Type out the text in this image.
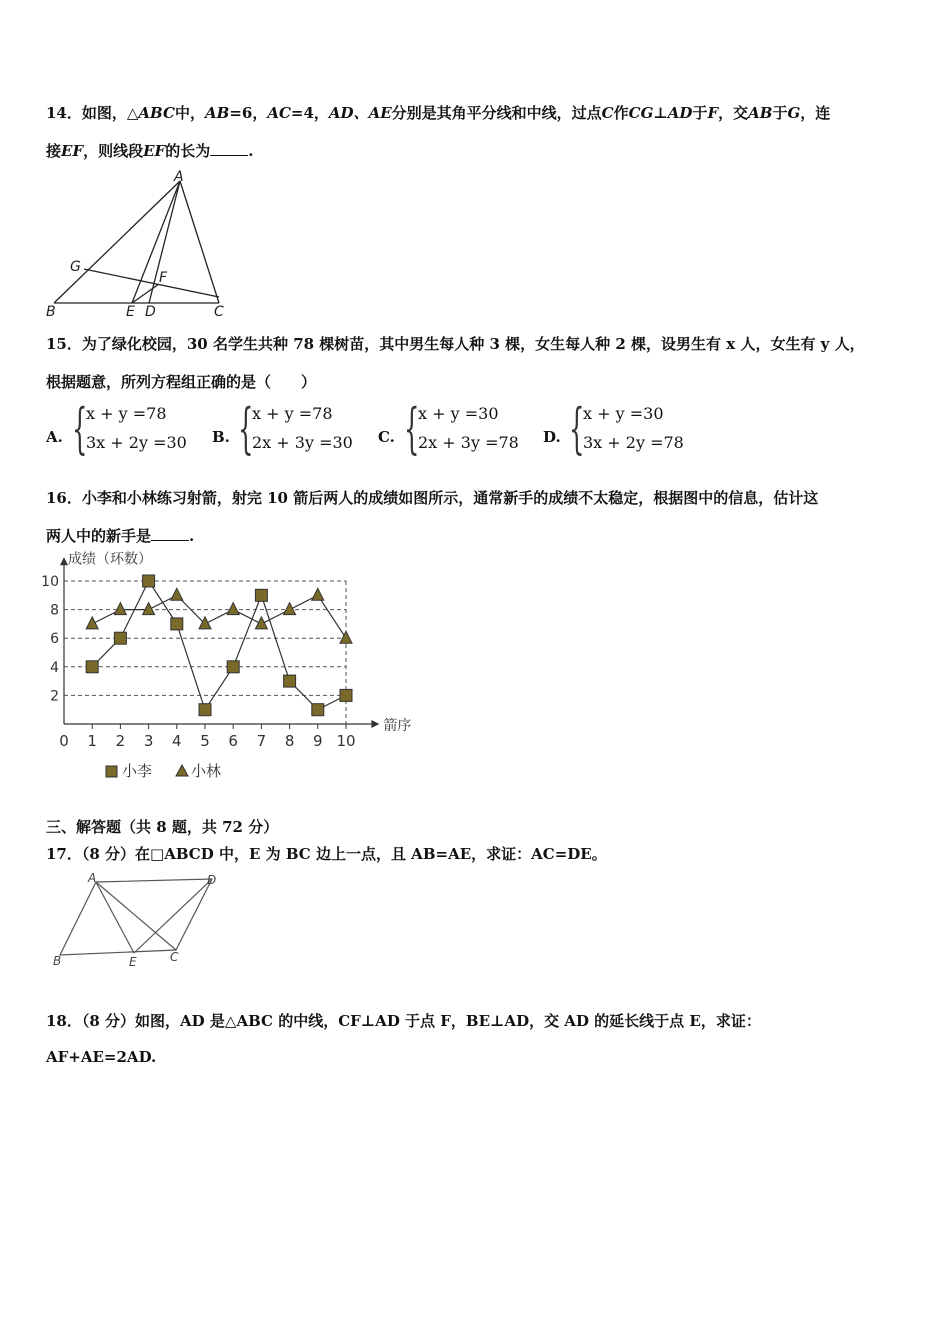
14．如图，△ABC中，AB=6，AC=4，AD、AE分别是其角平分线和中线，过点C作CG⊥AD于F，交AB于G，连
接EF，则线段EF的长为	.
A
G
F
B	E D	C
15．为了绿化校园，30 名学生共种 78 棵树苗，其中男生每人种 3 棵，女生每人种 2 棵，设男生有 x 人，女生有 y 人，
根据题意，所列方程组正确的是（　　）
A. {
x + y =78
3x + 2y =30 B. {
x + y =78
2x + 3y =30 C. {
x + y =30
2x + 3y =78 D. {
x + y =30
3x + 2y =78
16．小李和小林练习射箭，射完 10 箭后两人的成绩如图所示，通常新手的成绩不太稳定，根据图中的信息，估计这
两人中的新手是	.
0 1 2 3 4 5 6 7 8 9 10
2
4
6
8
10
成绩（环数）
箭序
小李	小林
三、解答题（共 8 题，共 72 分）
17．（8 分）在□ABCD 中，E 为 BC 边上一点，且 AB=AE，求证：AC=DE。
A	D
B	E	C
18．（8 分）如图，AD 是△ABC 的中线，CF⊥AD 于点 F，BE⊥AD，交 AD 的延长线于点 E，求证：
AF+AE=2AD.
